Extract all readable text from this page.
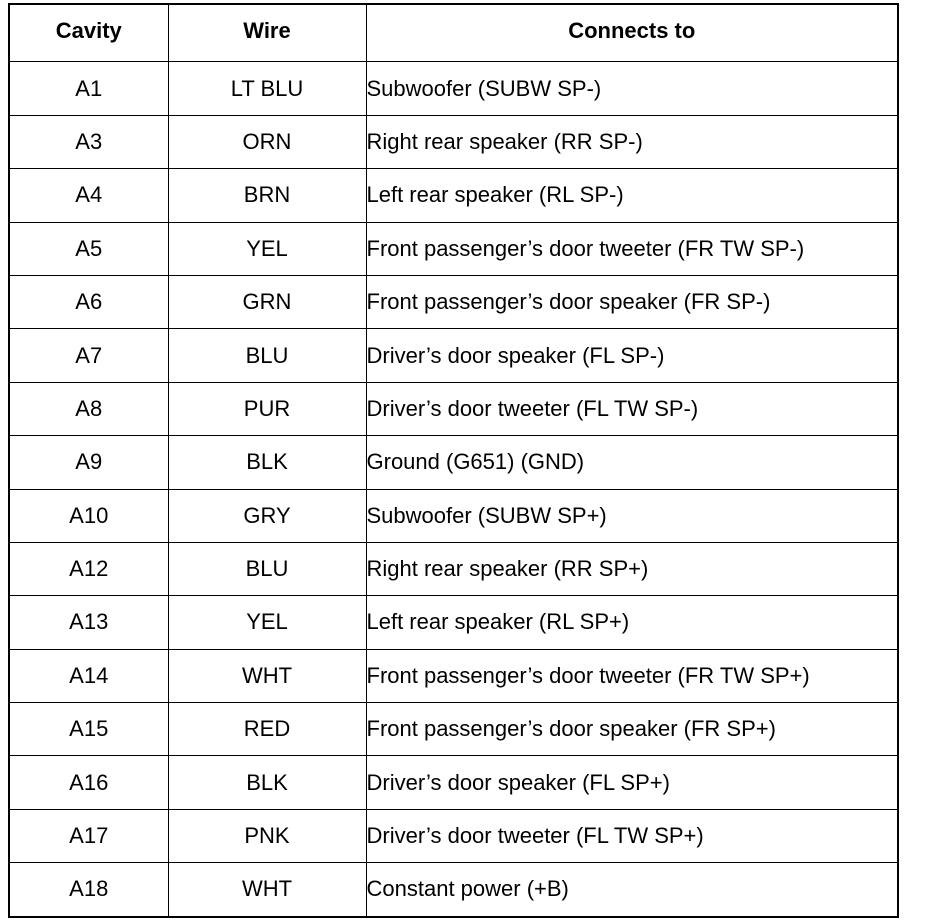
Cavity	Wire	Connects to
A1	LT BLU	Subwoofer (SUBW SP-)
A3	ORN	Right rear speaker (RR SP-)
A4	BRN	Left rear speaker (RL SP-)
A5	YEL	Front passenger’s door tweeter (FR TW SP-)
A6	GRN	Front passenger’s door speaker (FR SP-)
A7	BLU	Driver’s door speaker (FL SP-)
A8	PUR	Driver’s door tweeter (FL TW SP-)
A9	BLK	Ground (G651) (GND)
A10	GRY	Subwoofer (SUBW SP+)
A12	BLU	Right rear speaker (RR SP+)
A13	YEL	Left rear speaker (RL SP+)
A14	WHT	Front passenger’s door tweeter (FR TW SP+)
A15	RED	Front passenger’s door speaker (FR SP+)
A16	BLK	Driver’s door speaker (FL SP+)
A17	PNK	Driver’s door tweeter (FL TW SP+)
A18	WHT	Constant power (+B)
